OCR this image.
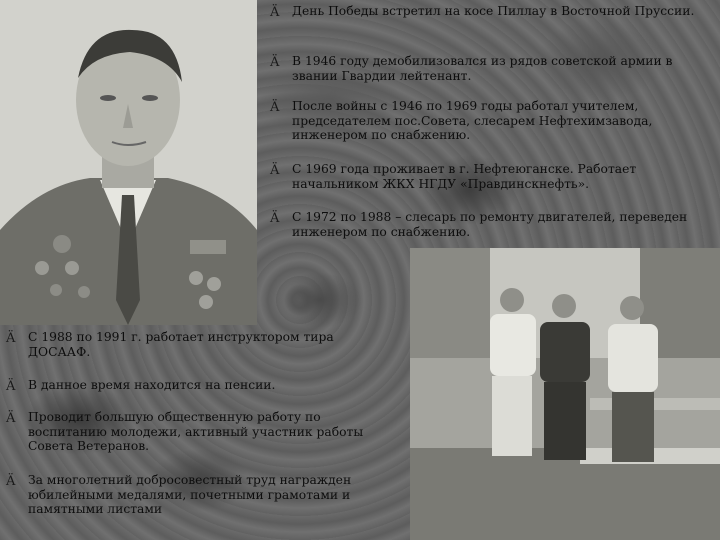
Ä	День Победы встретил на косе Пиллау в Восточной Пруссии.
Ä	В 1946 году демобилизовался из рядов советской армии в звании Гвардии лейтенант.
Ä	После войны с 1946 по 1969 годы работал учителем, председателем пос.Совета, слесарем Нефтехимзавода, инженером по снабжению.
Ä	С 1969 года проживает в г. Нефтеюганске. Работает начальником ЖКХ НГДУ «Правдинскнефть».
Ä	С 1972 по 1988 – слесарь по ремонту двигателей, переведен инженером по снабжению.
Ä	С 1988 по 1991 г. работает инструктором тира ДОСААФ.
Ä	В данное время находится на пенсии.
Ä	Проводит большую общественную работу по воспитанию молодежи, активный участник работы Совета Ветеранов.
Ä	За многолетний добросовестный труд награжден юбилейными медалями, почетными грамотами и памятными листами
